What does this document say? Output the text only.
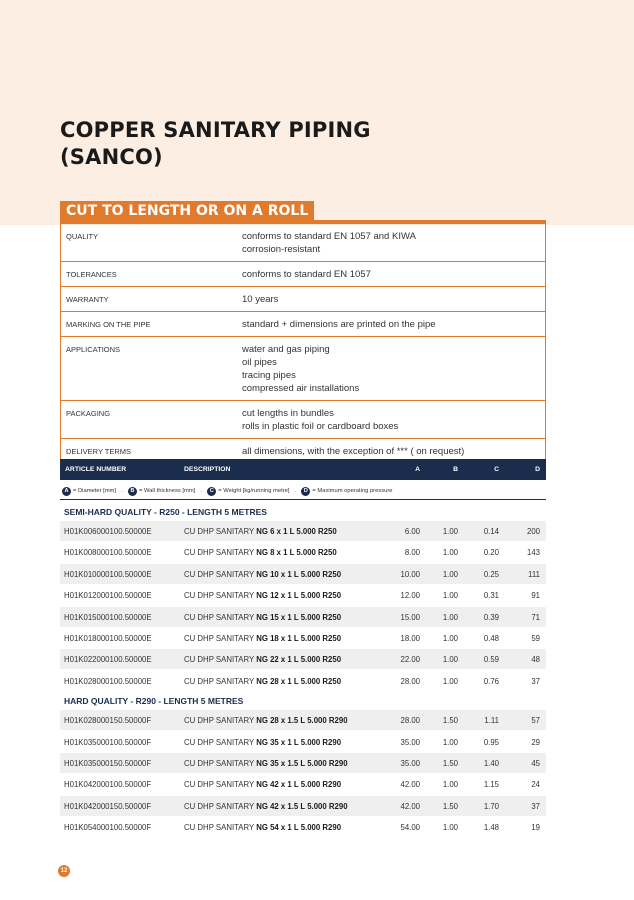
COPPER SANITARY PIPING
(SANCO)
CUT TO LENGTH OR ON A ROLL
QUALITY	conforms to standard EN 1057 and KIWA
corrosion-resistant
TOLERANCES	conforms to standard EN 1057
WARRANTY	10 years
MARKING ON THE PIPE	standard + dimensions are printed on the pipe
APPLICATIONS	water and gas piping
oil pipes
tracing pipes
compressed air installations
PACKAGING	cut lengths in bundles
rolls in plastic foil or cardboard boxes
DELIVERY TERMS	all dimensions, with the exception of *** ( on request)
ARTICLE NUMBER	DESCRIPTION	A	B	C	D
A = Diameter [mm] -	B = Wall thickness [mm] -	C = Weight [kg/running metre] -	D = Maximum operating pressure
SEMI-HARD QUALITY - R250 - LENGTH 5 METRES
H01K006000100.50000E	CU DHP SANITARY NG 6 x 1 L 5.000 R250	6.00	1.00	0.14	200
H01K008000100.50000E	CU DHP SANITARY NG 8 x 1 L 5.000 R250	8.00	1.00	0.20	143
H01K010000100.50000E	CU DHP SANITARY NG 10 x 1 L 5.000 R250	10.00	1.00	0.25	111
H01K012000100.50000E	CU DHP SANITARY NG 12 x 1 L 5.000 R250	12.00	1.00	0.31	91
H01K015000100.50000E	CU DHP SANITARY NG 15 x 1 L 5.000 R250	15.00	1.00	0.39	71
H01K018000100.50000E	CU DHP SANITARY NG 18 x 1 L 5.000 R250	18.00	1.00	0.48	59
H01K022000100.50000E	CU DHP SANITARY NG 22 x 1 L 5.000 R250	22.00	1.00	0.59	48
H01K028000100.50000E	CU DHP SANITARY NG 28 x 1 L 5.000 R250	28.00	1.00	0.76	37
HARD QUALITY - R290 - LENGTH 5 METRES
H01K028000150.50000F	CU DHP SANITARY NG 28 x 1.5 L 5.000 R290	28.00	1.50	1.11	57
H01K035000100.50000F	CU DHP SANITARY NG 35 x 1 L 5.000 R290	35.00	1.00	0.95	29
H01K035000150.50000F	CU DHP SANITARY NG 35 x 1.5 L 5.000 R290	35.00	1.50	1.40	45
H01K042000100.50000F	CU DHP SANITARY NG 42 x 1 L 5.000 R290	42.00	1.00	1.15	24
H01K042000150.50000F	CU DHP SANITARY NG 42 x 1.5 L 5.000 R290	42.00	1.50	1.70	37
H01K054000100.50000F	CU DHP SANITARY NG 54 x 1 L 5.000 R290	54.00	1.00	1.48	19
12
